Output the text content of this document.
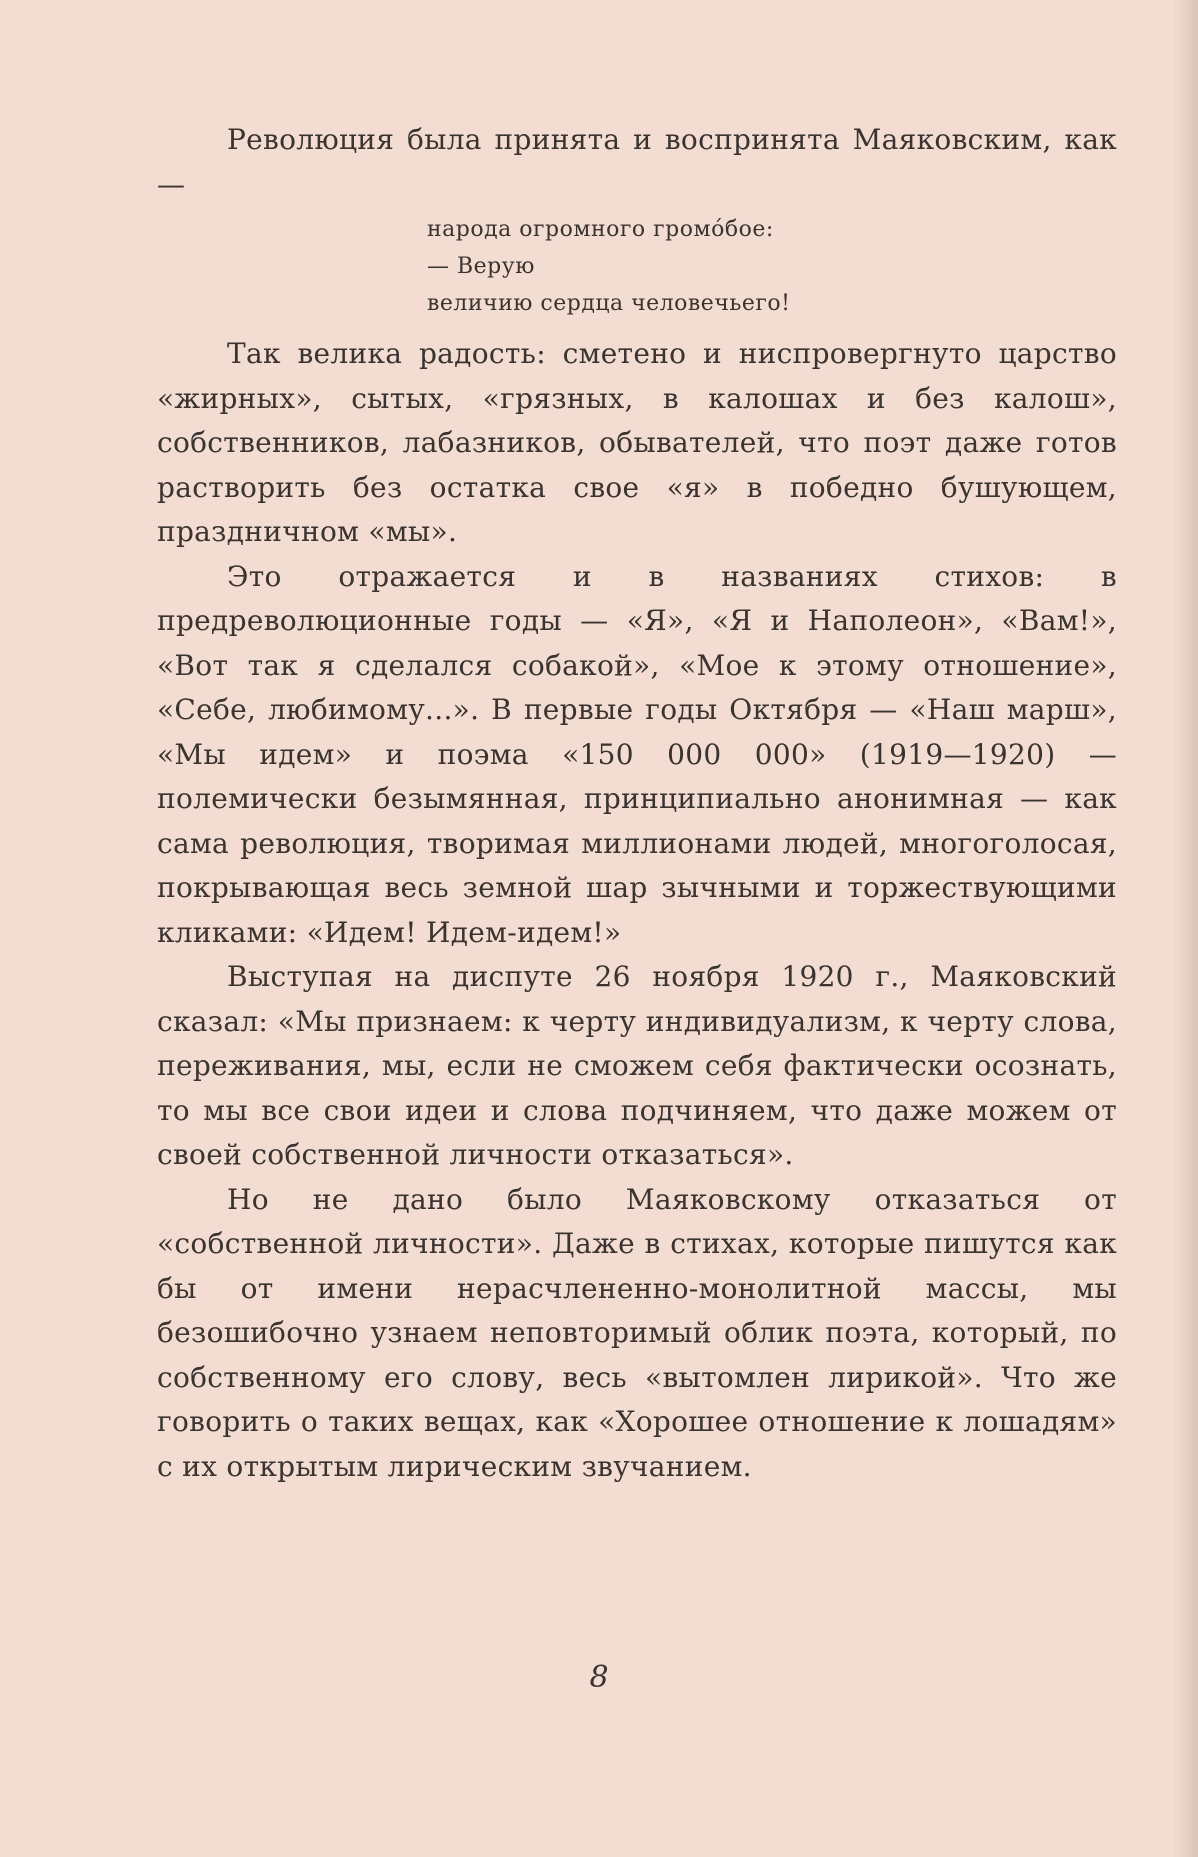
Революция была принята и воспринята Маяковским, как —

народа огромного громóбое:
— Верую
величию сердца человечьего!

Так велика радость: сметено и ниспровергнуто царство «жирных», сытых, «грязных, в калошах и без калош», собственников, лабазников, обывателей, что поэт даже готов растворить без остатка свое «я» в победно бушующем, праздничном «мы».

Это отражается и в названиях стихов: в предреволюционные годы — «Я», «Я и Наполеон», «Вам!», «Вот так я сделался собакой», «Мое к этому отношение», «Себе, любимому...». В первые годы Октября — «Наш марш», «Мы идем» и поэма «150 000 000» (1919—1920) — полемически безымянная, принципиально анонимная — как сама революция, творимая миллионами людей, многоголосая, покрывающая весь земной шар зычными и торжествующими кликами: «Идем! Идем-идем!»

Выступая на диспуте 26 ноября 1920 г., Маяковский сказал: «Мы признаем: к черту индивидуализм, к черту слова, переживания, мы, если не сможем себя фактически осознать, то мы все свои идеи и слова подчиняем, что даже можем от своей собственной личности отказаться».

Но не дано было Маяковскому отказаться от «собственной личности». Даже в стихах, которые пишутся как бы от имени нерасчлененно-монолитной массы, мы безошибочно узнаем неповторимый облик поэта, который, по собственному его слову, весь «вытомлен лирикой». Что же говорить о таких вещах, как «Хорошее отношение к лошадям» с их открытым лирическим звучанием.

8
